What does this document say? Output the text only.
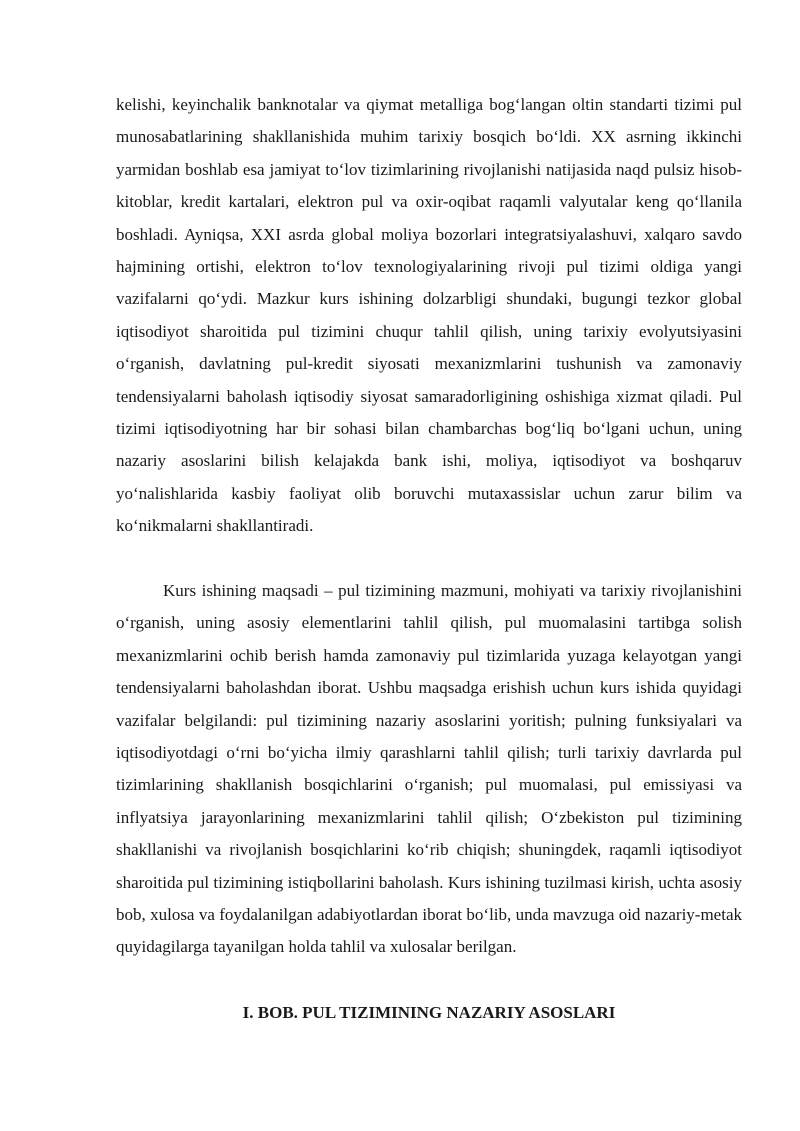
kelishi, keyinchalik banknotalar va qiymat metalliga bog‘langan oltin standarti tizimi pul munosabatlarining shakllanishida muhim tarixiy bosqich bo‘ldi. XX asrning ikkinchi yarmidan boshlab esa jamiyat to‘lov tizimlarining rivojlanishi natijasida naqd pulsiz hisob-kitoblar, kredit kartalari, elektron pul va oxir-oqibat raqamli valyutalar keng qo‘llanila boshladi. Ayniqsa, XXI asrda global moliya bozorlari integratsiyalashuvi, xalqaro savdo hajmining ortishi, elektron to‘lov texnologiyalarining rivoji pul tizimi oldiga yangi vazifalarni qo‘ydi. Mazkur kurs ishining dolzarbligi shundaki, bugungi tezkor global iqtisodiyot sharoitida pul tizimini chuqur tahlil qilish, uning tarixiy evolyutsiyasini o‘rganish, davlatning pul-kredit siyosati mexanizmlarini tushunish va zamonaviy tendensiyalarni baholash iqtisodiy siyosat samaradorligining oshishiga xizmat qiladi. Pul tizimi iqtisodiyotning har bir sohasi bilan chambarchas bog‘liq bo‘lgani uchun, uning nazariy asoslarini bilish kelajakda bank ishi, moliya, iqtisodiyot va boshqaruv yo‘nalishlarida kasbiy faoliyat olib boruvchi mutaxassislar uchun zarur bilim va ko‘nikmalarni shakllantiradi.

Kurs ishining maqsadi – pul tizimining mazmuni, mohiyati va tarixiy rivojlanishini o‘rganish, uning asosiy elementlarini tahlil qilish, pul muomalasini tartibga solish mexanizmlarini ochib berish hamda zamonaviy pul tizimlarida yuzaga kelayotgan yangi tendensiyalarni baholashdan iborat. Ushbu maqsadga erishish uchun kurs ishida quyidagi vazifalar belgilandi: pul tizimining nazariy asoslarini yoritish; pulning funksiyalari va iqtisodiyotdagi o‘rni bo‘yicha ilmiy qarashlarni tahlil qilish; turli tarixiy davrlarda pul tizimlarining shakllanish bosqichlarini o‘rganish; pul muomalasi, pul emissiyasi va inflyatsiya jarayonlarining mexanizmlarini tahlil qilish; O‘zbekiston pul tizimining shakllanishi va rivojlanish bosqichlarini ko‘rib chiqish; shuningdek, raqamli iqtisodiyot sharoitida pul tizimining istiqbollarini baholash. Kurs ishining tuzilmasi kirish, uchta asosiy bob, xulosa va foydalanilgan adabiyotlardan iborat bo‘lib, unda mavzuga oid nazariy-metak quyidagilarga tayanilgan holda tahlil va xulosalar berilgan.

I. BOB. PUL TIZIMINING NAZARIY ASOSLARI
